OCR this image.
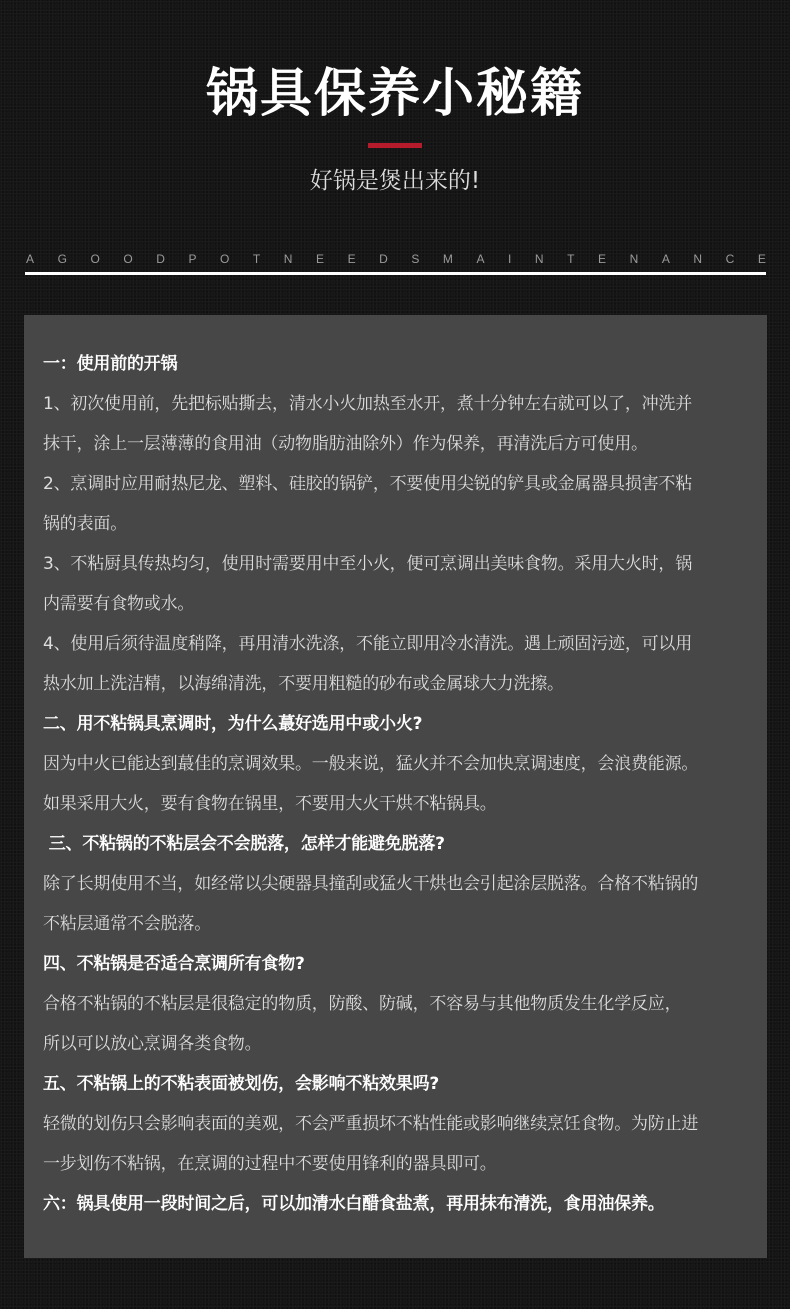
锅具保养小秘籍
好锅是煲出来的!
A G O O D P O T N E E D S M A I N T E N A N C E
一：使用前的开锅
1、初次使用前，先把标贴撕去，清水小火加热至水开，煮十分钟左右就可以了，冲洗并
抹干，涂上一层薄薄的食用油（动物脂肪油除外）作为保养，再清洗后方可使用。
2、烹调时应用耐热尼龙、塑料、硅胶的锅铲，不要使用尖锐的铲具或金属器具损害不粘
锅的表面。
3、不粘厨具传热均匀，使用时需要用中至小火，便可烹调出美味食物。采用大火时，锅
内需要有食物或水。
4、使用后须待温度稍降，再用清水洗涤，不能立即用冷水清洗。遇上顽固污迹，可以用
热水加上洗洁精，以海绵清洗，不要用粗糙的砂布或金属球大力洗擦。
二、用不粘锅具烹调时，为什么蕞好选用中或小火?
因为中火已能达到蕞佳的烹调效果。一般来说，猛火并不会加快烹调速度，会浪费能源。
如果采用大火，要有食物在锅里，不要用大火干烘不粘锅具。
三、不粘锅的不粘层会不会脱落，怎样才能避免脱落?
除了长期使用不当，如经常以尖硬器具撞刮或猛火干烘也会引起涂层脱落。合格不粘锅的
不粘层通常不会脱落。
四、不粘锅是否适合烹调所有食物?
合格不粘锅的不粘层是很稳定的物质，防酸、防碱，不容易与其他物质发生化学反应，
所以可以放心烹调各类食物。
五、不粘锅上的不粘表面被划伤，会影响不粘效果吗?
轻微的划伤只会影响表面的美观，不会严重损坏不粘性能或影响继续烹饪食物。为防止进
一步划伤不粘锅，在烹调的过程中不要使用锋利的器具即可。
六：锅具使用一段时间之后，可以加清水白醋食盐煮，再用抹布清洗，食用油保养。
